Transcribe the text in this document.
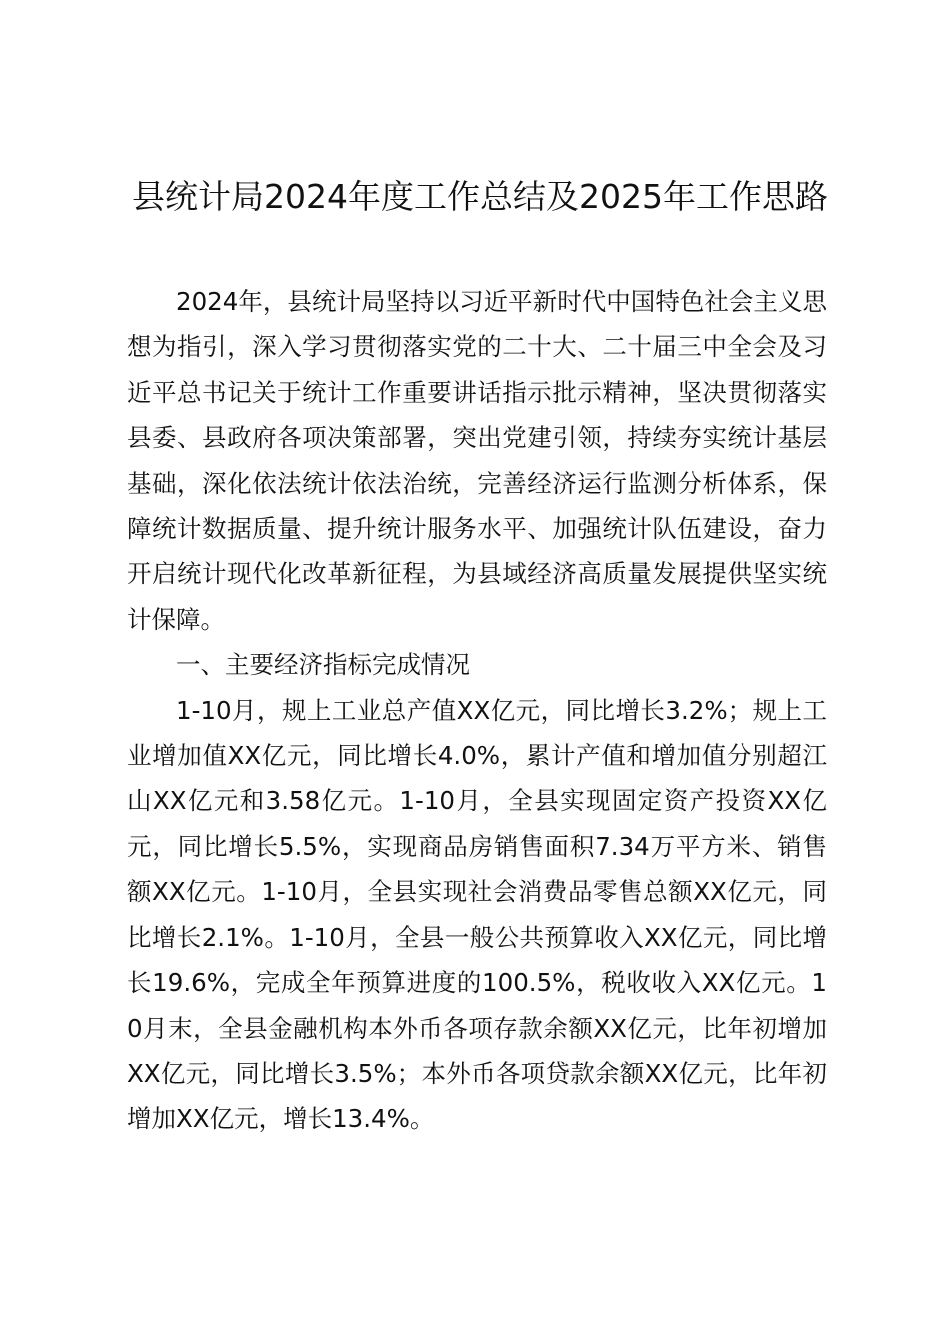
县统计局2024年度工作总结及2025年工作思路

2024年，县统计局坚持以习近平新时代中国特色社会主义思想为指引，深入学习贯彻落实党的二十大、二十届三中全会及习近平总书记关于统计工作重要讲话指示批示精神，坚决贯彻落实县委、县政府各项决策部署，突出党建引领，持续夯实统计基层基础，深化依法统计依法治统，完善经济运行监测分析体系，保障统计数据质量、提升统计服务水平、加强统计队伍建设，奋力开启统计现代化改革新征程，为县域经济高质量发展提供坚实统计保障。

一、主要经济指标完成情况

1-10月，规上工业总产值XX亿元，同比增长3.2%；规上工业增加值XX亿元，同比增长4.0%，累计产值和增加值分别超江山XX亿元和3.58亿元。1-10月，全县实现固定资产投资XX亿元，同比增长5.5%，实现商品房销售面积7.34万平方米、销售额XX亿元。1-10月，全县实现社会消费品零售总额XX亿元，同比增长2.1%。1-10月，全县一般公共预算收入XX亿元，同比增长19.6%，完成全年预算进度的100.5%，税收收入XX亿元。10月末，全县金融机构本外币各项存款余额XX亿元，比年初增加XX亿元，同比增长3.5%；本外币各项贷款余额XX亿元，比年初增加XX亿元，增长13.4%。
